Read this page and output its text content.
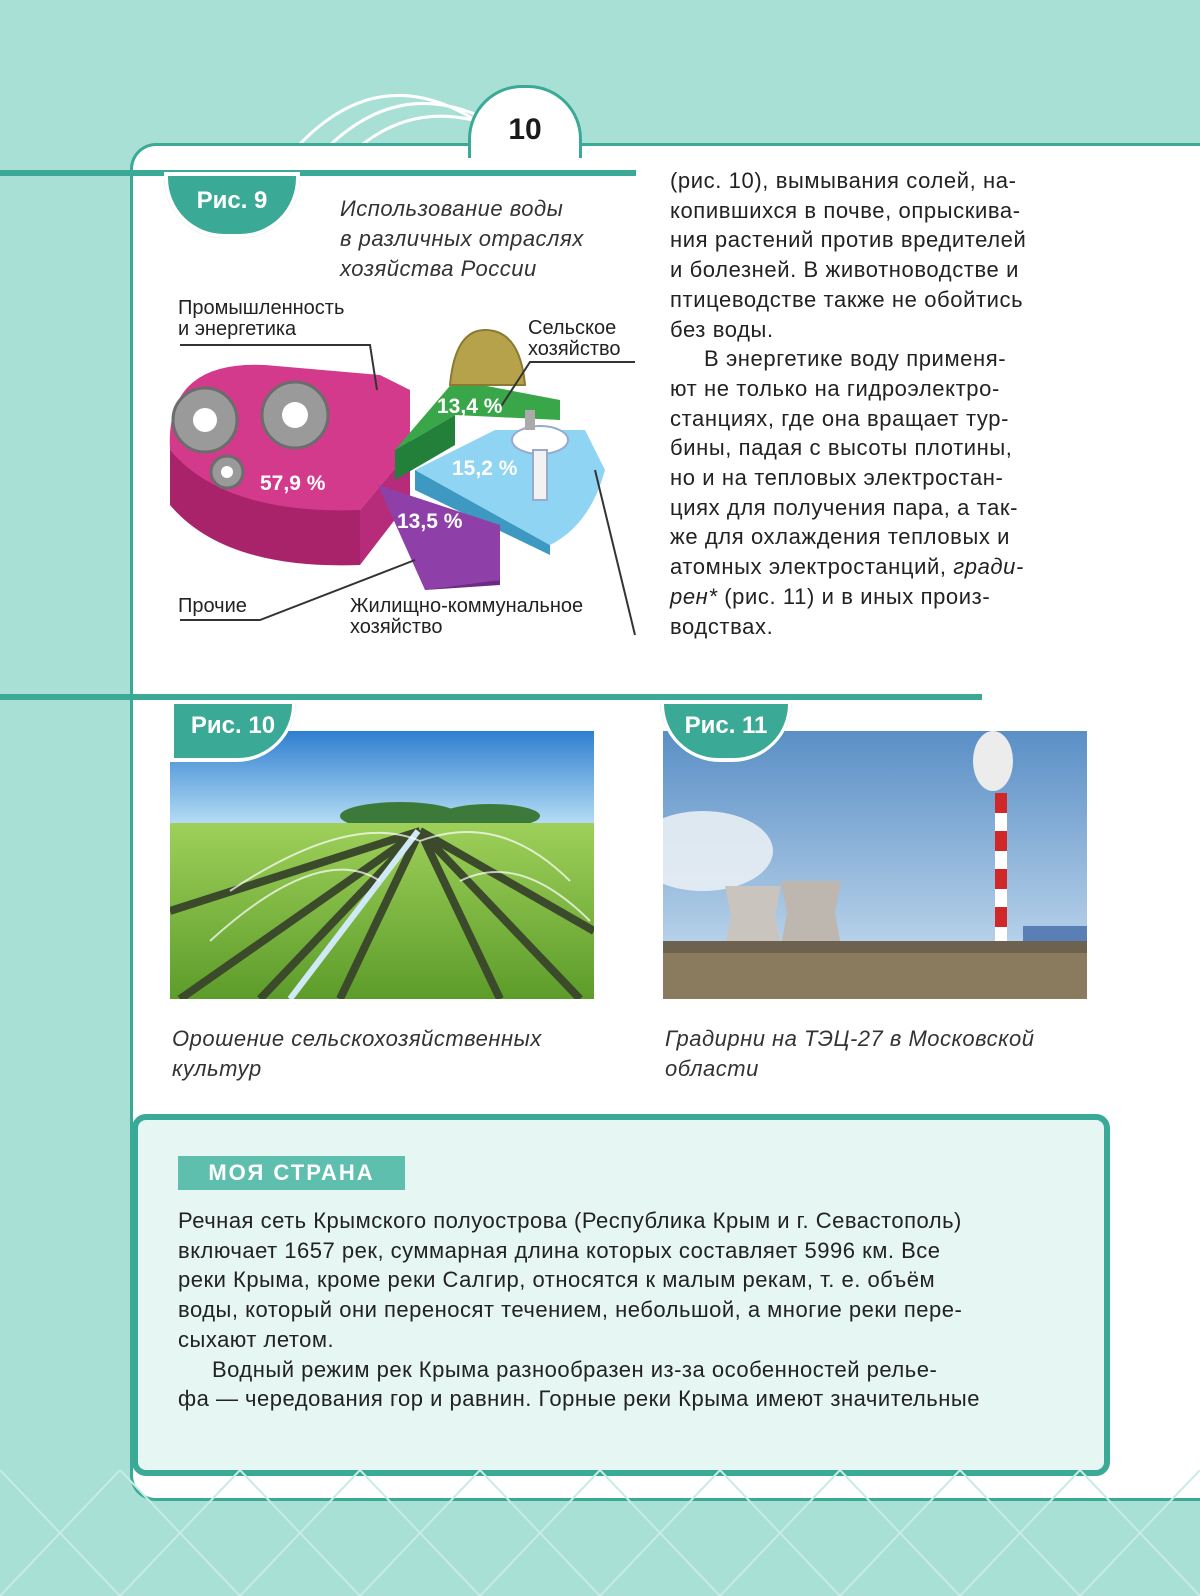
10
Рис. 9	Использование воды
в различных отраслях
хозяйства России
57,9 %
13,4 %
15,2 %
13,5 %
Промышленность
и энергетика	Сельское
хозяйство
Прочие	Жилищно-коммунальное
хозяйство

(рис. 10), вымывания солей, на-

копившихся в почве, опрыскива-

ния растений против вредителей

и болезней. В животноводстве и

птицеводстве также не обойтись

без воды.

В энергетике воду применя-

ют не только на гидроэлектро-

станциях, где она вращает тур-

бины, падая с высоты плотины,

но и на тепловых электростан-

циях для получения пара, а так-

же для охлаждения тепловых и

атомных электростанций, гради-

рен* (рис. 11) и в иных произ-

водствах.

Рис. 10
Орошение сельскохозяйственных
культур
Рис. 11
Градирни на ТЭЦ-27 в Московской
области
МОЯ СТРАНА

Речная сеть Крымского полуострова (Республика Крым и г. Севастополь)

включает 1657 рек, суммарная длина которых составляет 5996 км. Все

реки Крыма, кроме реки Салгир, относятся к малым рекам, т. е. объём

воды, который они переносят течением, небольшой, а многие реки пере-

сыхают летом.

Водный режим рек Крыма разнообразен из-за особенностей релье-

фа — чередования гор и равнин. Горные реки Крыма имеют значительные
